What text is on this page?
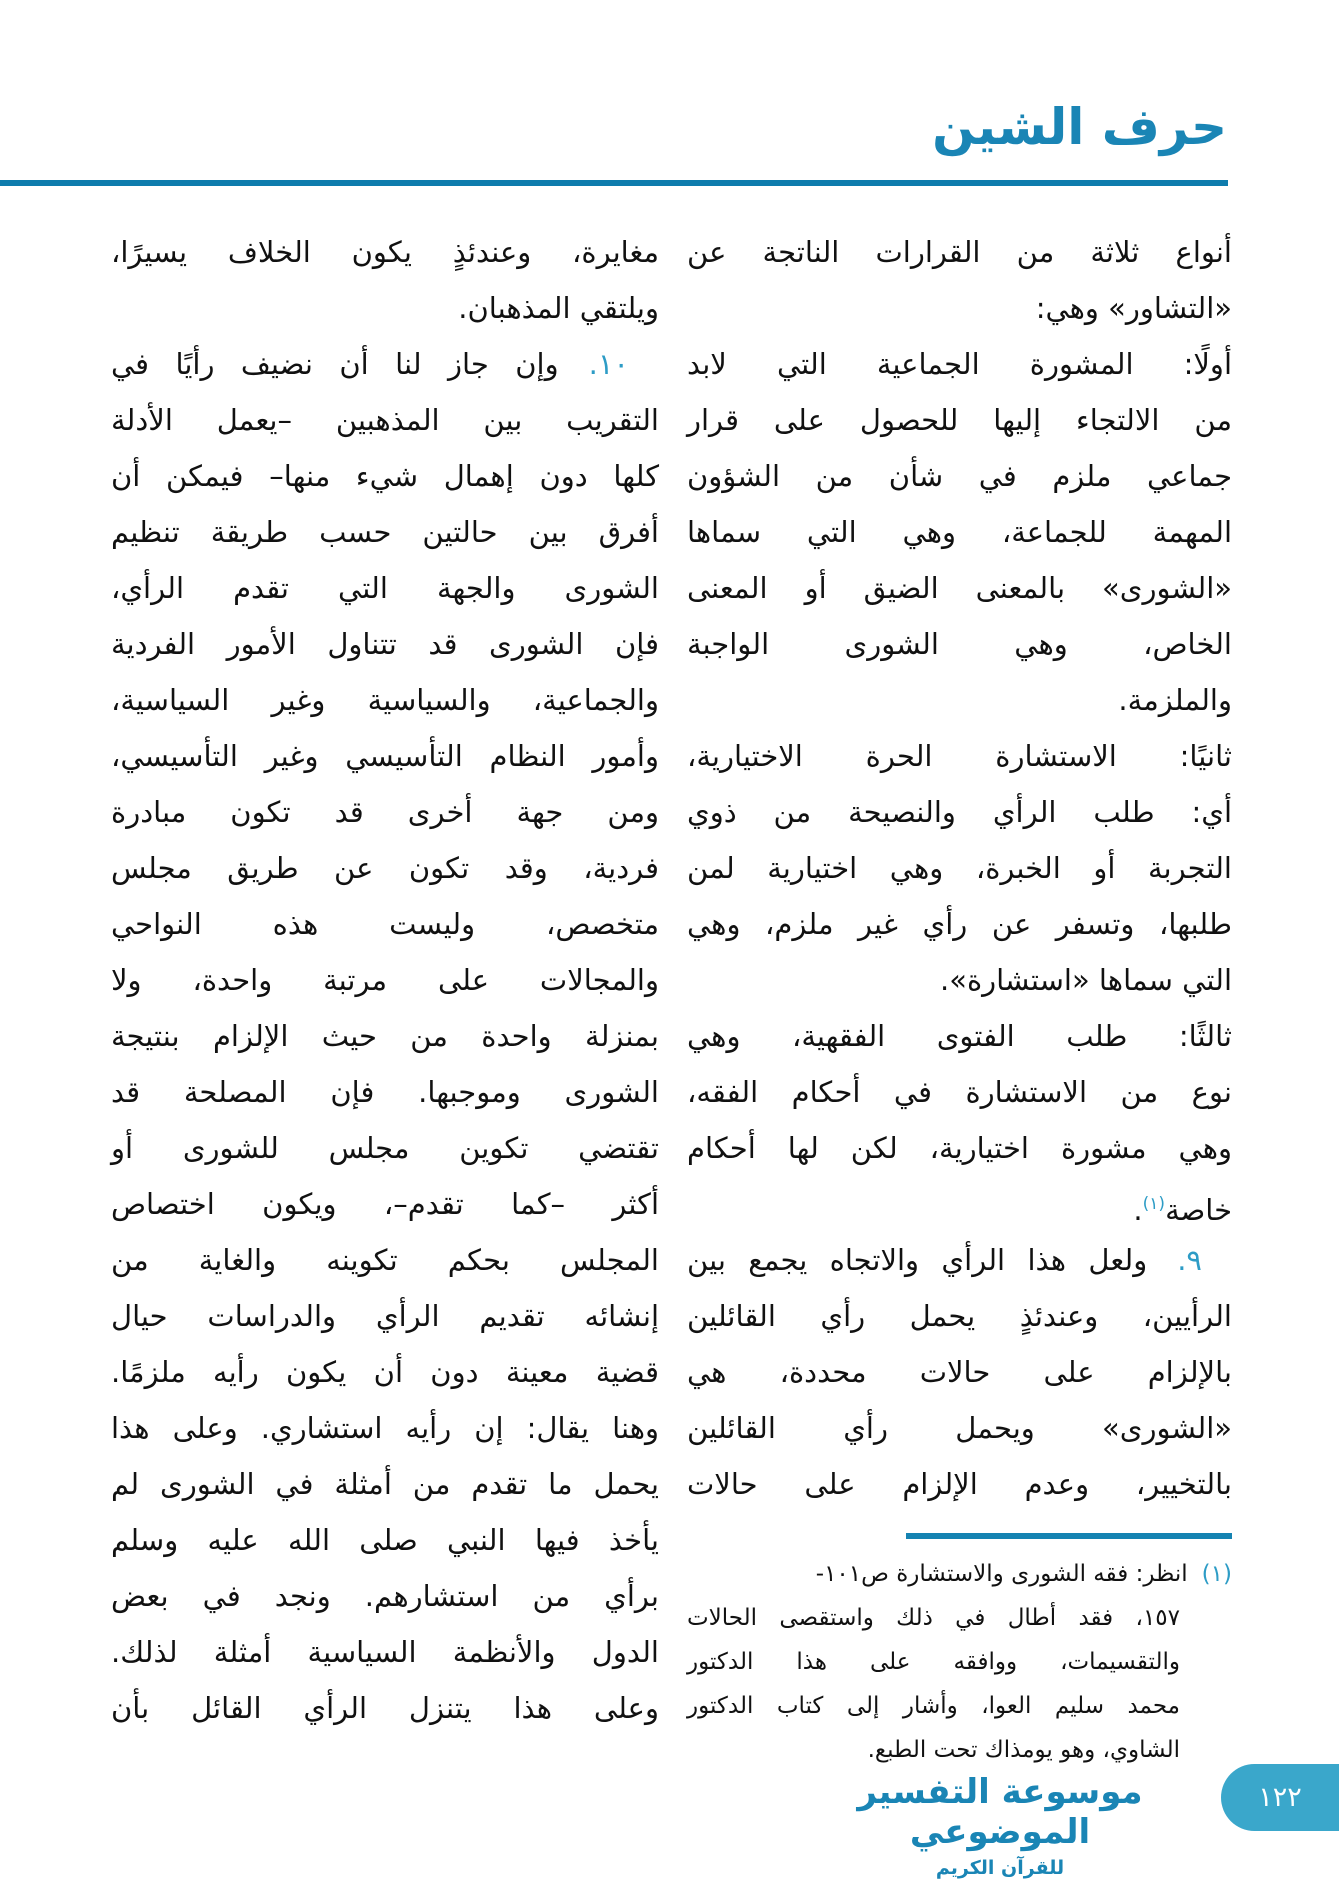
حرف الشين
أنواع ثلاثة من القرارات الناتجة عن
«التشاور» وهي:
أولًا: المشورة الجماعية التي لابد
من الالتجاء إليها للحصول على قرار
جماعي ملزم في شأن من الشؤون
المهمة للجماعة، وهي التي سماها
«الشورى» بالمعنى الضيق أو المعنى
الخاص، وهي الشورى الواجبة
والملزمة.
ثانيًا: الاستشارة الحرة الاختيارية،
أي: طلب الرأي والنصيحة من ذوي
التجربة أو الخبرة، وهي اختيارية لمن
طلبها، وتسفر عن رأي غير ملزم، وهي
التي سماها «استشارة».
ثالثًا: طلب الفتوى الفقهية، وهي
نوع من الاستشارة في أحكام الفقه،
وهي مشورة اختيارية، لكن لها أحكام
خاصة$^{(١)}$.
٩.ولعل هذا الرأي والاتجاه يجمع بين
الرأيين، وعندئذٍ يحمل رأي القائلين
بالإلزام على حالات محددة، هي
«الشورى» ويحمل رأي القائلين
بالتخيير، وعدم الإلزام على حالات
مغايرة، وعندئذٍ يكون الخلاف يسيرًا،
ويلتقي المذهبان.
١٠.وإن جاز لنا أن نضيف رأيًا في
التقريب بين المذهبين –يعمل الأدلة
كلها دون إهمال شيء منها– فيمكن أن
أفرق بين حالتين حسب طريقة تنظيم
الشورى والجهة التي تقدم الرأي،
فإن الشورى قد تتناول الأمور الفردية
والجماعية، والسياسية وغير السياسية،
وأمور النظام التأسيسي وغير التأسيسي،
ومن جهة أخرى قد تكون مبادرة
فردية، وقد تكون عن طريق مجلس
متخصص، وليست هذه النواحي
والمجالات على مرتبة واحدة، ولا
بمنزلة واحدة من حيث الإلزام بنتيجة
الشورى وموجبها. فإن المصلحة قد
تقتضي تكوين مجلس للشورى أو
أكثر –كما تقدم–، ويكون اختصاص
المجلس بحكم تكوينه والغاية من
إنشائه تقديم الرأي والدراسات حيال
قضية معينة دون أن يكون رأيه ملزمًا.
وهنا يقال: إن رأيه استشاري. وعلى هذا
يحمل ما تقدم من أمثلة في الشورى لم
يأخذ فيها النبي صلى الله عليه وسلم
برأي من استشارهم. ونجد في بعض
الدول والأنظمة السياسية أمثلة لذلك.
وعلى هذا يتنزل الرأي القائل بأن
(١)انظر: فقه الشورى والاستشارة ص١٠١-
١٥٧، فقد أطال في ذلك واستقصى الحالات
والتقسيمات، ووافقه على هذا الدكتور
محمد سليم العوا، وأشار إلى كتاب الدكتور
الشاوي، وهو يومذاك تحت الطبع.
موسوعة التفسير الموضوعي
للقرآن الكريم
١٢٢
